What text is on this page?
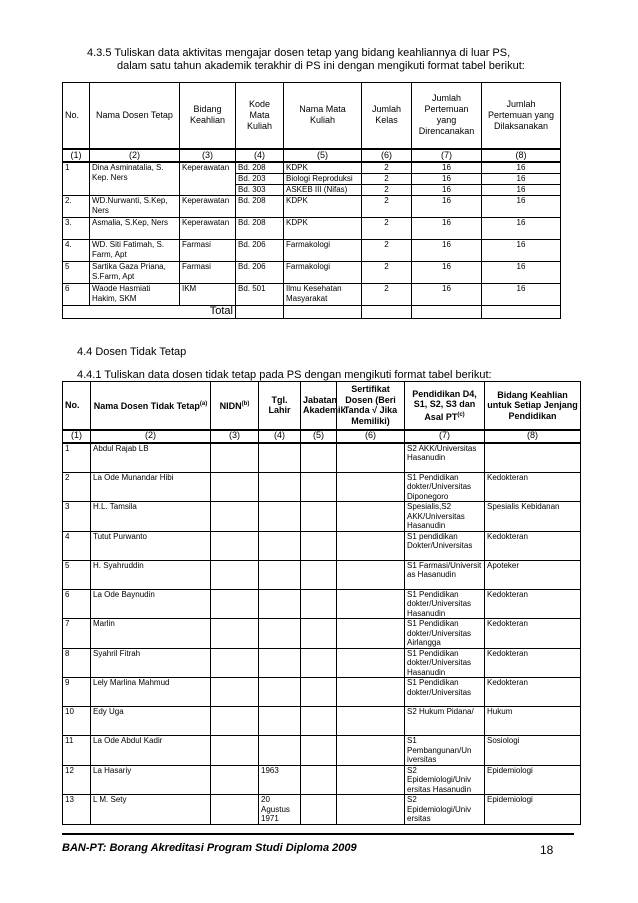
4.3.5 Tuliskan data aktivitas mengajar dosen tetap yang bidang keahliannya di luar PS,
dalam satu tahun akademik terakhir di PS ini dengan mengikuti format tabel berikut:
No.	Nama Dosen Tetap	Bidang Keahlian	Kode Mata Kuliah	Nama Mata Kuliah	Jumlah Kelas	Jumlah Pertemuan yang Direncanakan	Jumlah Pertemuan yang Dilaksanakan
(1)	(2)	(3)	(4)	(5)	(6)	(7)	(8)
1	Dina Asminatalia, S. Kep. Ners	Keperawatan	Bd. 208	KDPK	2	16	16
			Bd. 203	Biologi Reproduksi	2	16	16
			Bd. 303	ASKEB III (Nifas)	2	16	16
2.	WD.Nurwanti, S.Kep, Ners	Keperawatan	Bd. 208	KDPK	2	16	16
3.	Asmalia, S.Kep, Ners	Keperawatan	Bd. 208	KDPK	2	16	16
4.	WD. Siti Fatimah, S. Farm, Apt	Farmasi	Bd. 206	Farmakologi	2	16	16
5	Sartika Gaza Priana, S.Farm, Apt	Farmasi	Bd. 206	Farmakologi	2	16	16
6	Waode Hasmiati Hakim, SKM	IKM	Bd. 501	Ilmu Kesehatan Masyarakat	2	16	16
Total							
4.4 Dosen Tidak Tetap
4.4.1 Tuliskan data dosen tidak tetap pada PS dengan mengikuti format tabel berikut:
No.	Nama Dosen Tidak Tetap$^{(a)}$	NIDN$^{(b)}$	Tgl. Lahir	Jabatan Akademik	Sertifikat Dosen (Beri Tanda √ Jika Memiliki)	Pendidikan D4, S1, S2, S3 dan Asal PT$^{(c)}$	Bidang Keahlian untuk Setiap Jenjang Pendidikan
(1)	(2)	(3)	(4)	(5)	(6)	(7)	(8)
1	Abdul Rajab LB					S2 AKK/Universitas Hasanudin	
2	La Ode Munandar Hibi					S1 Pendidikan dokter/Universitas Diponegoro	Kedokteran
3	H.L. Tamsila					Spesialis,S2 AKK/Universitas Hasanudin	Spesialis Kebidanan
4	Tutut Purwanto					S1 pendidikan Dokter/Universitas	Kedokteran
5	H. Syahruddin					S1 Farmasi/Universit as Hasanudin	Apoteker
6	La Ode Baynudin					S1 Pendidikan dokter/Universitas Hasanudin	Kedokteran
7	Marlin					S1 Pendidikan dokter/Universitas Airlangga	Kedokteran
8	Syahril Fitrah					S1 Pendidikan dokter/Universitas Hasanudin	Kedokteran
9	Lely Marlina Mahmud					S1 Pendidikan dokter/Universitas	Kedokteran
10	Edy Uga					S2 Hukum Pidana/	Hukum
11	La Ode Abdul Kadir					S1 Pembangunan/Un iversitas	Sosiologi
12	La Hasariy		1963			S2 Epidemiologi/Univ ersitas Hasanudin	Epidemiologi
13	L M. Sety		20 Agustus 1971			S2 Epidemiologi/Univ ersitas	Epidemiologi
BAN-PT: Borang Akreditasi Program Studi Diploma 2009	18
